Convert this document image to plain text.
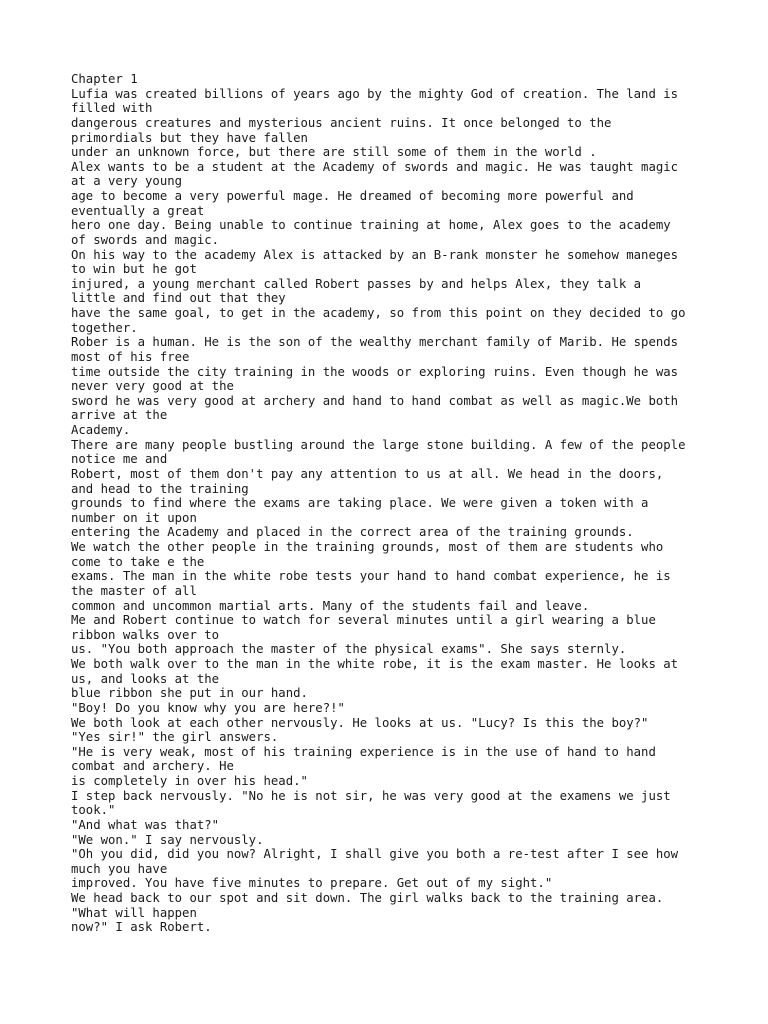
Chapter 1
Lufia was created billions of years ago by the mighty God of creation. The land is
filled with
dangerous creatures and mysterious ancient ruins. It once belonged to the
primordials but they have fallen
under an unknown force, but there are still some of them in the world .
Alex wants to be a student at the Academy of swords and magic. He was taught magic
at a very young
age to become a very powerful mage. He dreamed of becoming more powerful and
eventually a great
hero one day. Being unable to continue training at home, Alex goes to the academy
of swords and magic.
On his way to the academy Alex is attacked by an B-rank monster he somehow maneges
to win but he got
injured, a young merchant called Robert passes by and helps Alex, they talk a
little and find out that they
have the same goal, to get in the academy, so from this point on they decided to go
together.
Rober is a human. He is the son of the wealthy merchant family of Marib. He spends
most of his free
time outside the city training in the woods or exploring ruins. Even though he was
never very good at the
sword he was very good at archery and hand to hand combat as well as magic.We both
arrive at the
Academy.
There are many people bustling around the large stone building. A few of the people
notice me and
Robert, most of them don't pay any attention to us at all. We head in the doors,
and head to the training
grounds to find where the exams are taking place. We were given a token with a
number on it upon
entering the Academy and placed in the correct area of the training grounds.
We watch the other people in the training grounds, most of them are students who
come to take e the
exams. The man in the white robe tests your hand to hand combat experience, he is
the master of all
common and uncommon martial arts. Many of the students fail and leave.
Me and Robert continue to watch for several minutes until a girl wearing a blue
ribbon walks over to
us. "You both approach the master of the physical exams". She says sternly.
We both walk over to the man in the white robe, it is the exam master. He looks at
us, and looks at the
blue ribbon she put in our hand.
"Boy! Do you know why you are here?!"
We both look at each other nervously. He looks at us. "Lucy? Is this the boy?"
"Yes sir!" the girl answers.
"He is very weak, most of his training experience is in the use of hand to hand
combat and archery. He
is completely in over his head."
I step back nervously. "No he is not sir, he was very good at the examens we just
took."
"And what was that?"
"We won." I say nervously.
"Oh you did, did you now? Alright, I shall give you both a re-test after I see how
much you have
improved. You have five minutes to prepare. Get out of my sight."
We head back to our spot and sit down. The girl walks back to the training area.
"What will happen
now?" I ask Robert.
